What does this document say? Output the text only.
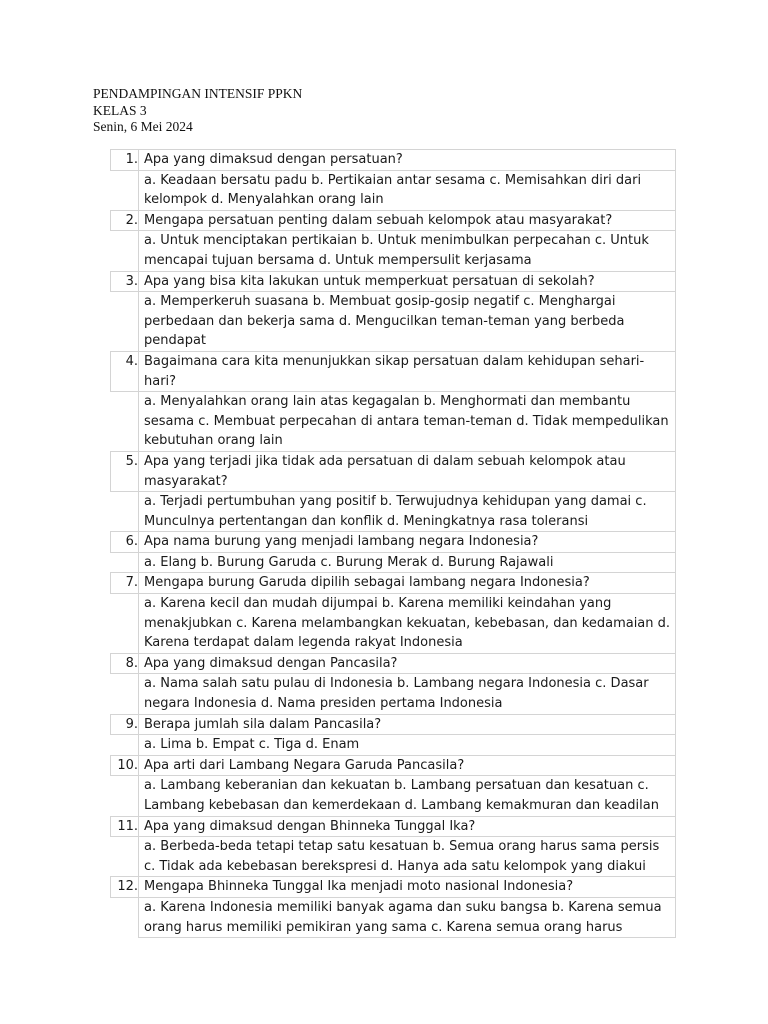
PENDAMPINGAN INTENSIF PPKN
KELAS 3
Senin, 6 Mei 2024
1.	Apa yang dimaksud dengan persatuan?
	a. Keadaan bersatu padu b. Pertikaian antar sesama c. Memisahkan diri dari kelompok d. Menyalahkan orang lain
2.	Mengapa persatuan penting dalam sebuah kelompok atau masyarakat?
	a. Untuk menciptakan pertikaian b. Untuk menimbulkan perpecahan c. Untuk mencapai tujuan bersama d. Untuk mempersulit kerjasama
3.	Apa yang bisa kita lakukan untuk memperkuat persatuan di sekolah?
	a. Memperkeruh suasana b. Membuat gosip-gosip negatif c. Menghargai perbedaan dan bekerja sama d. Mengucilkan teman-teman yang berbeda pendapat
4.	Bagaimana cara kita menunjukkan sikap persatuan dalam kehidupan sehari-hari?
	a. Menyalahkan orang lain atas kegagalan b. Menghormati dan membantu sesama c. Membuat perpecahan di antara teman-teman d. Tidak mempedulikan kebutuhan orang lain
5.	Apa yang terjadi jika tidak ada persatuan di dalam sebuah kelompok atau masyarakat?
	a. Terjadi pertumbuhan yang positif b. Terwujudnya kehidupan yang damai c. Munculnya pertentangan dan konflik d. Meningkatnya rasa toleransi
6.	Apa nama burung yang menjadi lambang negara Indonesia?
	a. Elang b. Burung Garuda c. Burung Merak d. Burung Rajawali
7.	Mengapa burung Garuda dipilih sebagai lambang negara Indonesia?
	a. Karena kecil dan mudah dijumpai b. Karena memiliki keindahan yang menakjubkan c. Karena melambangkan kekuatan, kebebasan, dan kedamaian d. Karena terdapat dalam legenda rakyat Indonesia
8.	Apa yang dimaksud dengan Pancasila?
	a. Nama salah satu pulau di Indonesia b. Lambang negara Indonesia c. Dasar negara Indonesia d. Nama presiden pertama Indonesia
9.	Berapa jumlah sila dalam Pancasila?
	a. Lima b. Empat c. Tiga d. Enam
10.	Apa arti dari Lambang Negara Garuda Pancasila?
	a. Lambang keberanian dan kekuatan b. Lambang persatuan dan kesatuan c. Lambang kebebasan dan kemerdekaan d. Lambang kemakmuran dan keadilan
11.	Apa yang dimaksud dengan Bhinneka Tunggal Ika?
	a. Berbeda-beda tetapi tetap satu kesatuan b. Semua orang harus sama persis c. Tidak ada kebebasan berekspresi d. Hanya ada satu kelompok yang diakui
12.	Mengapa Bhinneka Tunggal Ika menjadi moto nasional Indonesia?
	a. Karena Indonesia memiliki banyak agama dan suku bangsa b. Karena semua orang harus memiliki pemikiran yang sama c. Karena semua orang harus
